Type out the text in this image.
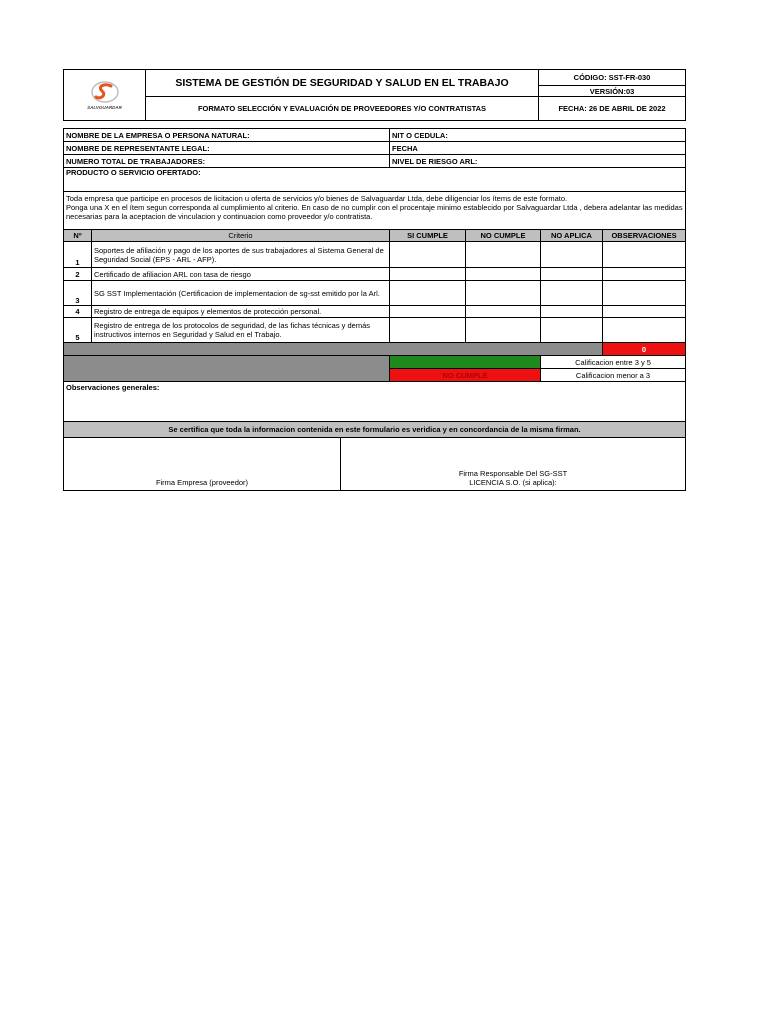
SALVGUARDAR	SISTEMA DE GESTIÓN DE SEGURIDAD Y SALUD EN EL TRABAJO	CÓDIGO: SST-FR-030
		VERSIÓN:03
	FORMATO SELECCIÓN Y EVALUACIÓN DE PROVEEDORES Y/O CONTRATISTAS	FECHA: 26 DE ABRIL DE 2022
NOMBRE DE LA EMPRESA O PERSONA NATURAL:		NIT O CEDULA:			
NOMBRE DE REPRESENTANTE LEGAL:		FECHA			
NUMERO TOTAL DE TRABAJADORES:		NIVEL DE RIESGO ARL:			
PRODUCTO O SERVICIO OFERTADO:					

Toda empresa que participe en procesos de licitacion u oferta de servicios y/o bienes de Salvaguardar Ltda, debe diligenciar los ítems de este formato.
Ponga una X en el ítem segun corresponda al cumplimiento al criterio. En caso de no cumplir con el procentaje minimo establecido por Salvaguardar Ltda , debera adelantar las medidas necesarias para la aceptacion de vinculacion y continuacion como proveedor y/o contratista.					

Nº	Criterio	SI CUMPLE	NO CUMPLE	NO APLICA	OBSERVACIONES
1	Soportes de afiliación y pago de los aportes de sus trabajadores al Sistema General de Seguridad Social (EPS - ARL - AFP).				
2	Certificado de afiliacion ARL con tasa de riesgo				
3	SG SST Implementación (Certificacion de implementacion de sg-sst emitido por la Arl.				
4	Registro de entrega de equipos y elementos de protección personal.				
5	Registro de entrega de los protocolos de seguridad, de las fichas técnicas y demás instructivos internos en Seguridad y Salud en el Trabajo.				
					0
		CUMPLE		Calificacion entre 3 y 5	
		NO CUMPLE		Calificacion menor a 3	
Observaciones generales:					
Se certifica que toda la informacion contenida en este formulario es veridica y en concordancia de la misma firman.					
Firma Empresa (proveedor)	
Firma Responsable Del SG-SST
LICENCIA S.O. (si aplica):
